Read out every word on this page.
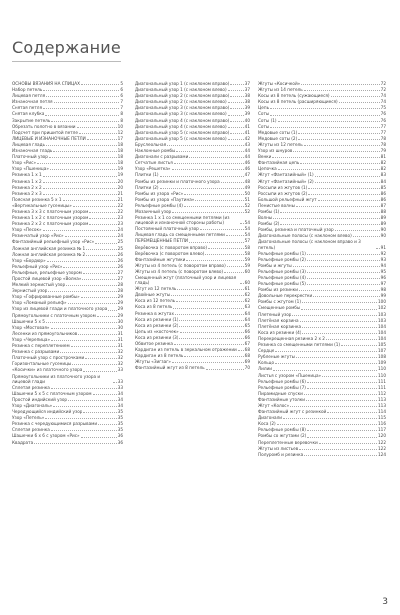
Содержание
ОСНОВЫ ВЯЗАНИЯ НА СПИЦАХ	5
Набор петель	6
Лицевая петля	6
Изнаночная петля	7
Снятая петля	7
Снятая клубка	8
Закрытие петель	8
Обрезать полотно в вязании	10
Подсчет при пришитой петле	12
ЛИЦЕВЫЕ И ИЗНАНОЧНЫЕ ПЕТЛИ	17
Лицевая гладь	18
Изнаночная гладь	18
Платочный узор	18
Узор «Рис»	18
Узор «Пшеница»	19
Резинка 1 х 1	19
Резинка 1 х 2	20
Резинка 2 х 2	20
Резинка 2 х 3	21
Поясная резинка 5 х 1	21
«Вертикальные гусеницы»	22
Резинка 3 х 3 с платочным узором	22
Резинка 1 х 2 с платочным узором	23
Резинка 2 х 2 с платочным узором	23
Узор «Песок»	24
Резинчатый узор «Рис»	24
Фантазийный рельефный узор «Рис»	25
Ложная английская резинка № 1	25
Ложная английская резинка № 2	26
Узор «Бордюр»	26
Рельефный узор «Рис»	26
Рельефные, рельефные узором	27
Простой лицевой узор «Волна»	27
Мелкий зернистый узор	28
Зернистый узор	28
Узор «Гофрированные ромбы»	29
Узор «Ломаный рельеф»	29
Узор из лицевой глади и платочного узора 29
Прямоугольники с платочным узором	29
Шашечки 5 х 5	30
Узор «Мостовая»	30
Лесенки из прямоугольников	31
Узор «Черепица»	31
Резинка с переплетением	31
Резинка с разрывами	32
Платочный узор с прострочками	32
Горизонтальные гусеницы	32
«Косички» из платочного узора	33
Прямоугольники из платочного узора и лицевой глади	33
Сплетая резинка	33
Шашечки 5 х 5 с платочным узором	34
Простой индийский узор	34
Узор «Диагональ»	34
Чередующийся индийский узор	35
Узор «Петель»	35
Резинка с чередующимися разрывами	35
Сплетая резинка	35
Шашечки 6 х 6 с узором «Рис»	36
Квадрата	36
Диагональный узор 1 (с наклоном вправо)	37
Диагональный узор 1 (с наклоном влево)	37
Диагональный узор 2 (с наклоном вправо)	38
Диагональный узор 2 (с наклоном влево)	38
Диагональный узор 3 (с наклоном вправо)	39
Диагональный узор 3 (с наклоном влево)	39
Диагональный узор 4 (с наклоном вправо)	40
Диагональный узор 4 (с наклоном влево)	41
Диагональный узор 5 (с наклоном вправо)	41
Диагональный узор 5 (с наклоном влево)	42
Бруслеольная	43
Наклонные ромбы	44
Диагонали с разрывами	44
Сетчатые листья	46
Узор «Решетка»	46
Плитки (1)	47
Ромбы из резинки и платочного узора	48
Плитки (2)	49
Ромбы из узора «Рис»	50
Ромбы из узора «Паутина»	51
Рельефные ромбы (4)	52
Мозаичный узор	52
Резинка 1 х 1 со смещенными петлями (из лицевой и изнаночной стороны работы)	54
Постоянный платочный узор	54
Лицевая гладь со смещенными петлями	54
ПЕРЕМЕЩЕННЫЕ ПЕТЛИ	57
Верёвочка (с поворотом вправо)	58
Верёвочка (с поворотом влево)	58
Фантазийные жгутики	59
Жгуты из 4 петель (с поворотом вправо)	59
Жгуты из 4 петель (с поворотом влево)	60
Смещенный жгут (платочный узор и лицевая гладь)	60
Жгут из 12 петель	61
Двойные жгуты	62
Коса из 12 петель	62
Коса из 8 петель	63
Резинка в жгутах	64
Коса из резинки (1)	64
Коса из резинки (2)	65
Цепь из «косточек»	66
Коса из резинки (3)	66
Обвитое резинка	67
Кардиган из петель в зеркальном отражении 68
Кардиган из 8 петель	68
Жгуты «Зигзаг»	69
Фантазийный жгут из 8 петель	70
Жгуты «Косичкой»	72
Жгуты из 14 петель	72
Косы из 8 петель (сужающиеся)	74
Косы из 8 петель (расширяющиеся)	74
Цепь	75
Соты	76
Соты (1)	76
Соты	77
Медовые соты (1)	77
Медовые соты (2)	78
Жгуты из 12 петель	78
Узор из шнуров	79
Венки	81
Фантазийная цепь	82
Цепочка	82
Жгут «Фантазийный» (1)	83
Жгут «Фантазийный» (2)	84
Россыпи из жгутов (1)	85
Россыпи из жгутов (2)	86
Большой рельефный жгут	86
Пенистые волны	87
Ромбы (1)	88
Волны	89
Ромбы (2)	89
Ромбы, резинка и платочный узор	90
Диагональные полосы (с наклоном влево)	90
Диагональные полосы (с наклоном вправо и 3 петель)	91
Рельефные ромбы (1)	92
Рельефные ромбы (2)	93
Ромбы и жгуты	94
Рельефные ромбы (3)	95
Рельефные ромбы (4)	96
Рельефные ромбы (5)	97
Ромбы из резинки	98
Довольные перекрестки	99
Ромбы с жгутом (1)	100
Смещенные ромбы	102
Плетеный узор	103
Плетёная корзина	103
Плетёная корзинка	104
Коса из резинки (4)	104
Перекрещенная резинка 2 х 2	104
Резинка со смещенными петлями (1)	105
Сердце	107
Рубленые жгуты	108
Кольцо	109
Лилии	110
Листья с узором «Пшеница»	110
Рельефные ромбы (6)	111
Рельефные ромбы (7)	111
Пирамидные спуски	112
Фантазийные утолки	113
Жгут «Колос»	113
Фантазийный жгут с резинкой	114
Диагонали	115
Коса (2)	116
Рельефные ромбы (8)	117
Ромбы со жгутами (2)	120
Переплетенные веревочки	122
Жгуты из листьев	122
Полуромб и резинка	124
3
